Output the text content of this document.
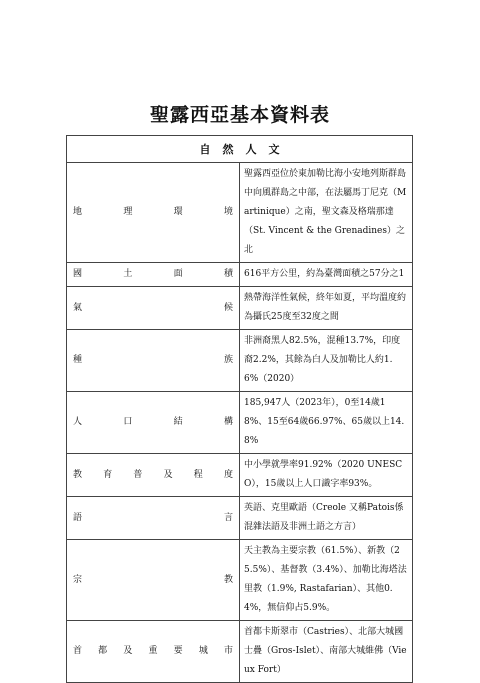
聖露西亞基本資料表
自然人文	

地理環境	聖露西亞位於東加勒比海小安地列斯群島中向風群島之中部，在法屬馬丁尼克（Martinique）之南，聖文森及格瑞那達（St. Vincent & the Grenadines）之北

國土面積	616平方公里，約為臺灣面積之57分之1

氣候	熱帶海洋性氣候，終年如夏，平均溫度約為攝氏25度至32度之間

種族	非洲裔黑人82.5%，混種13.7%，印度裔2.2%，其餘為白人及加勒比人約1.6%（2020）

人口結構	185,947人（2023年），0至14歲18%、15至64歲66.97%、65歲以上14.8%

教育普及程度	中小學就學率91.92%（2020 UNESCO），15歲以上人口識字率93%。

語言	英語、克里歐語（Creole 又稱Patois係混雜法語及非洲土語之方言）

宗教	天主教為主要宗教（61.5%）、新教（25.5%）、基督教（3.4%）、加勒比海塔法里教（1.9%, Rastafarian）、其他0.4%，無信仰占5.9%。

首都及重要城市	首都卡斯翠市（Castries）、北部大城國士疊（Gros-Islet）、南部大城維佛（Vieux Fort）
